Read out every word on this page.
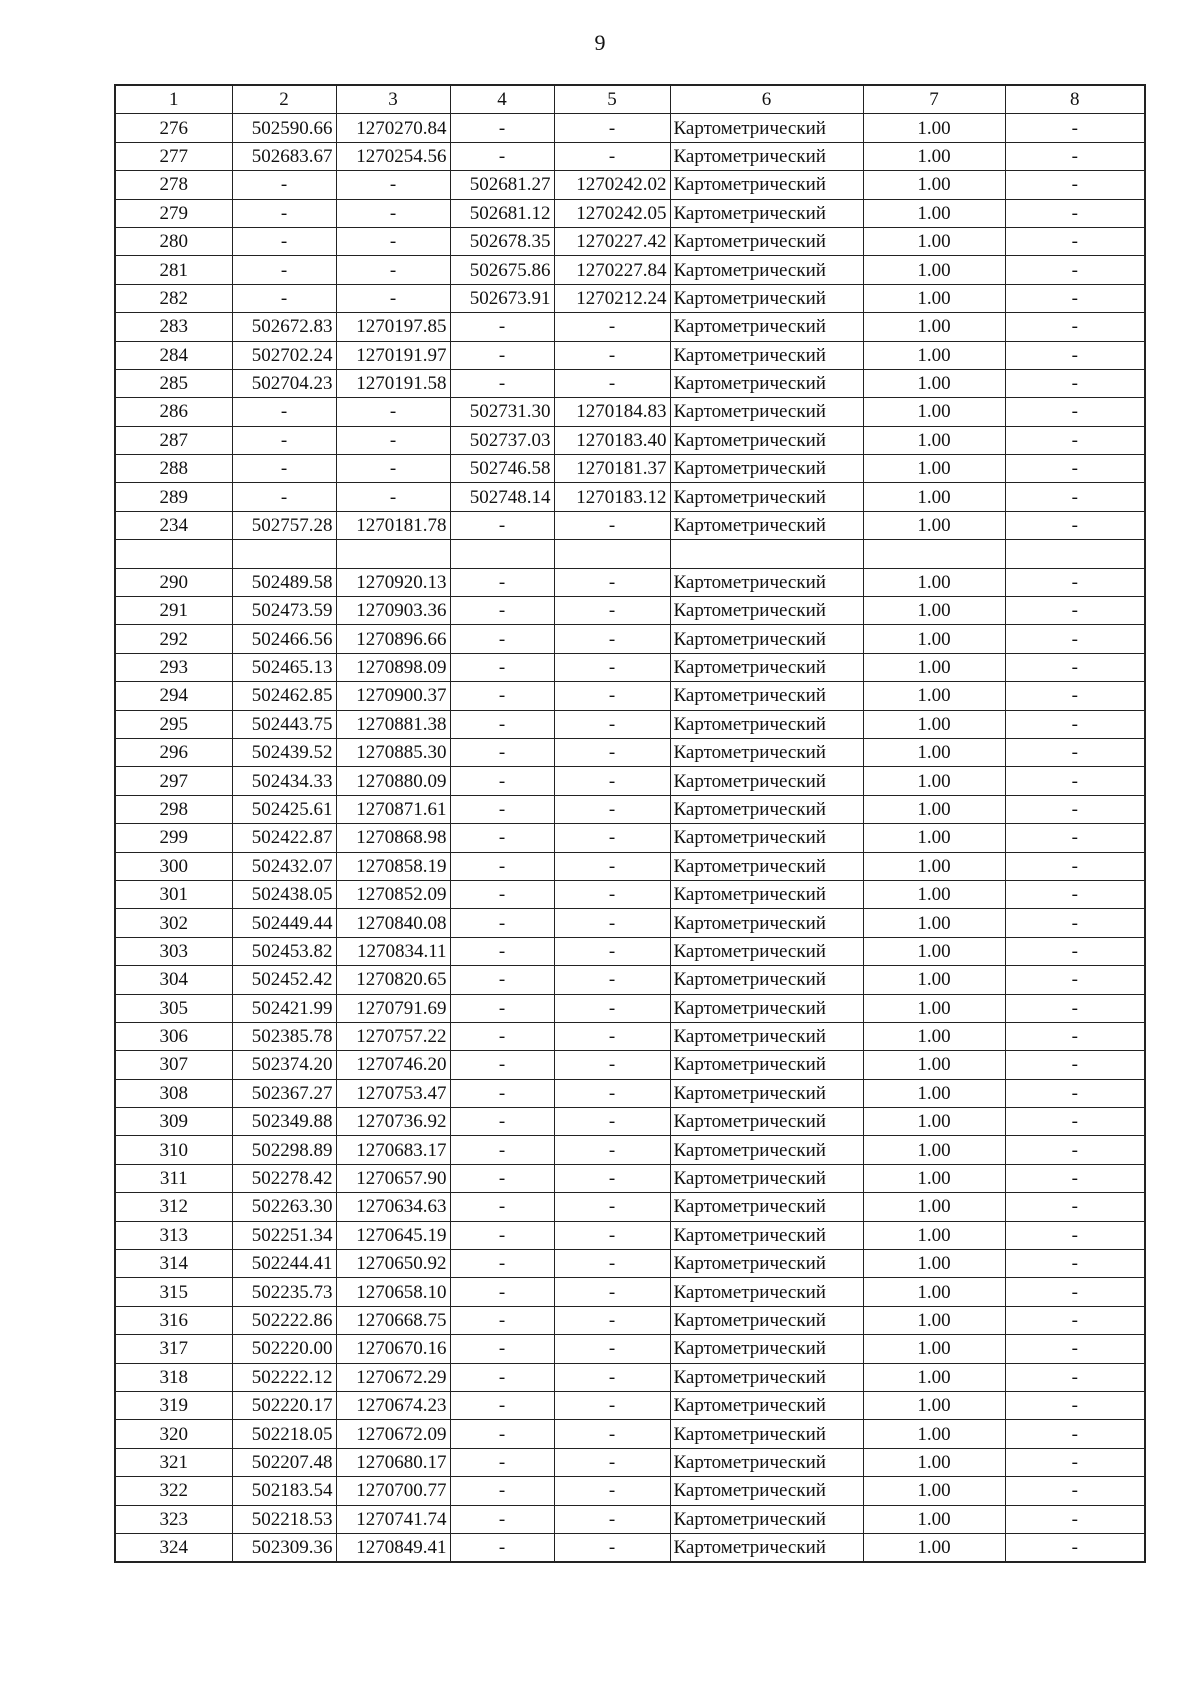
9
1	2	3	4	5	6	7	8
276	502590.66	1270270.84	-	-	Картометрический	1.00	-
277	502683.67	1270254.56	-	-	Картометрический	1.00	-
278	-	-	502681.27	1270242.02	Картометрический	1.00	-
279	-	-	502681.12	1270242.05	Картометрический	1.00	-
280	-	-	502678.35	1270227.42	Картометрический	1.00	-
281	-	-	502675.86	1270227.84	Картометрический	1.00	-
282	-	-	502673.91	1270212.24	Картометрический	1.00	-
283	502672.83	1270197.85	-	-	Картометрический	1.00	-
284	502702.24	1270191.97	-	-	Картометрический	1.00	-
285	502704.23	1270191.58	-	-	Картометрический	1.00	-
286	-	-	502731.30	1270184.83	Картометрический	1.00	-
287	-	-	502737.03	1270183.40	Картометрический	1.00	-
288	-	-	502746.58	1270181.37	Картометрический	1.00	-
289	-	-	502748.14	1270183.12	Картометрический	1.00	-
234	502757.28	1270181.78	-	-	Картометрический	1.00	-

290	502489.58	1270920.13	-	-	Картометрический	1.00	-
291	502473.59	1270903.36	-	-	Картометрический	1.00	-
292	502466.56	1270896.66	-	-	Картометрический	1.00	-
293	502465.13	1270898.09	-	-	Картометрический	1.00	-
294	502462.85	1270900.37	-	-	Картометрический	1.00	-
295	502443.75	1270881.38	-	-	Картометрический	1.00	-
296	502439.52	1270885.30	-	-	Картометрический	1.00	-
297	502434.33	1270880.09	-	-	Картометрический	1.00	-
298	502425.61	1270871.61	-	-	Картометрический	1.00	-
299	502422.87	1270868.98	-	-	Картометрический	1.00	-
300	502432.07	1270858.19	-	-	Картометрический	1.00	-
301	502438.05	1270852.09	-	-	Картометрический	1.00	-
302	502449.44	1270840.08	-	-	Картометрический	1.00	-
303	502453.82	1270834.11	-	-	Картометрический	1.00	-
304	502452.42	1270820.65	-	-	Картометрический	1.00	-
305	502421.99	1270791.69	-	-	Картометрический	1.00	-
306	502385.78	1270757.22	-	-	Картометрический	1.00	-
307	502374.20	1270746.20	-	-	Картометрический	1.00	-
308	502367.27	1270753.47	-	-	Картометрический	1.00	-
309	502349.88	1270736.92	-	-	Картометрический	1.00	-
310	502298.89	1270683.17	-	-	Картометрический	1.00	-
311	502278.42	1270657.90	-	-	Картометрический	1.00	-
312	502263.30	1270634.63	-	-	Картометрический	1.00	-
313	502251.34	1270645.19	-	-	Картометрический	1.00	-
314	502244.41	1270650.92	-	-	Картометрический	1.00	-
315	502235.73	1270658.10	-	-	Картометрический	1.00	-
316	502222.86	1270668.75	-	-	Картометрический	1.00	-
317	502220.00	1270670.16	-	-	Картометрический	1.00	-
318	502222.12	1270672.29	-	-	Картометрический	1.00	-
319	502220.17	1270674.23	-	-	Картометрический	1.00	-
320	502218.05	1270672.09	-	-	Картометрический	1.00	-
321	502207.48	1270680.17	-	-	Картометрический	1.00	-
322	502183.54	1270700.77	-	-	Картометрический	1.00	-
323	502218.53	1270741.74	-	-	Картометрический	1.00	-
324	502309.36	1270849.41	-	-	Картометрический	1.00	-
